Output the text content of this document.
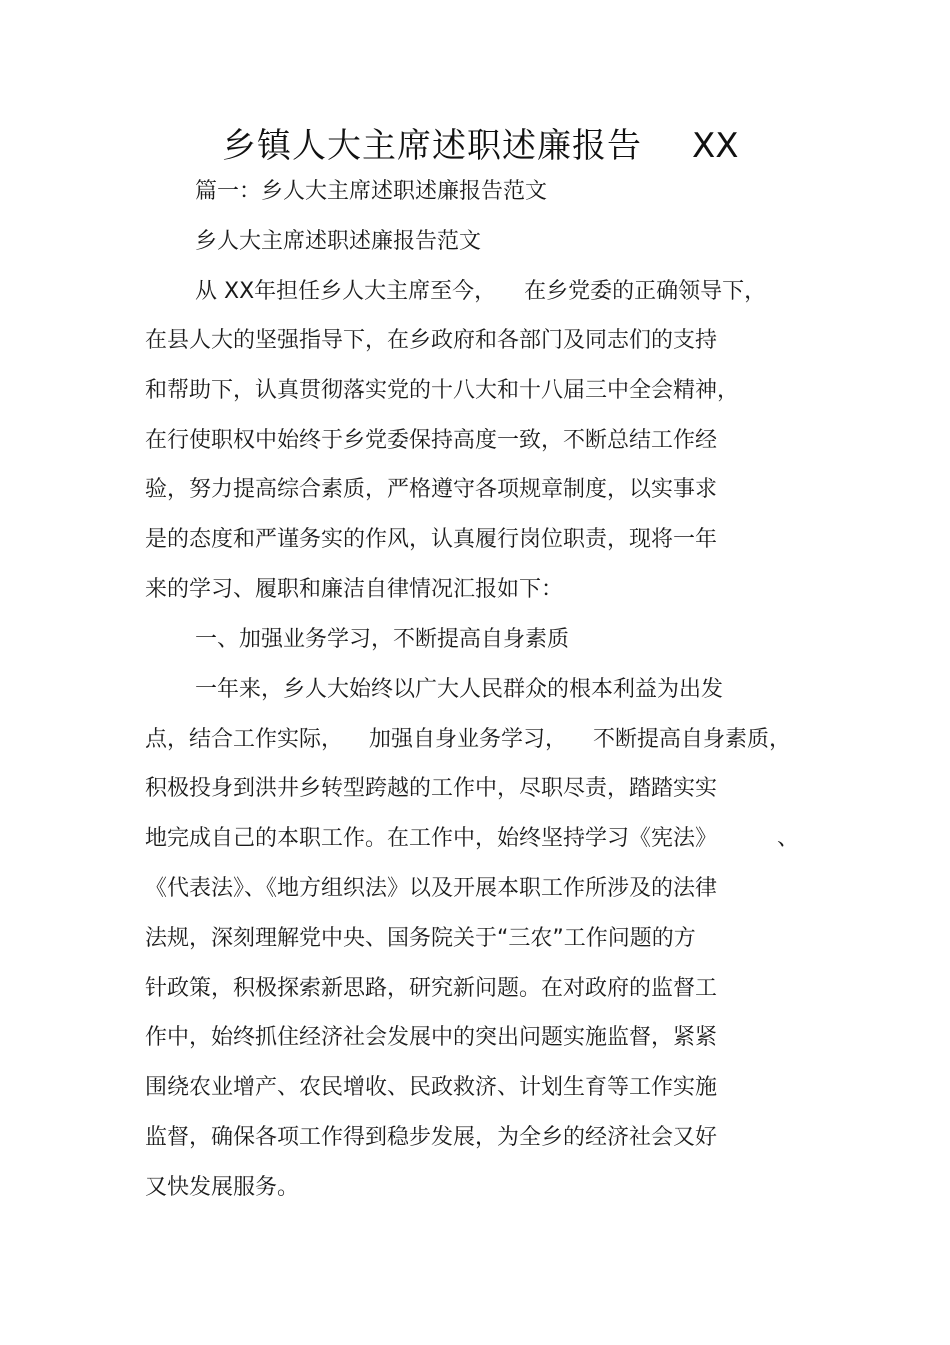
乡镇人大主席述职述廉报告 XX
篇一：乡人大主席述职述廉报告范文
乡人大主席述职述廉报告范文
从 XX年担任乡人大主席至今， 在乡党委的正确领导下，
在县人大的坚强指导下，在乡政府和各部门及同志们的支持
和帮助下，认真贯彻落实党的十八大和十八届三中全会精神，
在行使职权中始终于乡党委保持高度一致，不断总结工作经
验，努力提高综合素质，严格遵守各项规章制度，以实事求
是的态度和严谨务实的作风，认真履行岗位职责，现将一年
来的学习、履职和廉洁自律情况汇报如下：
一、加强业务学习，不断提高自身素质
一年来，乡人大始终以广大人民群众的根本利益为出发
点，结合工作实际， 加强自身业务学习， 不断提高自身素质，
积极投身到洪井乡转型跨越的工作中，尽职尽责，踏踏实实
地完成自己的本职工作。在工作中，始终坚持学习《宪法》	、
《代表法》、《地方组织法》以及开展本职工作所涉及的法律
法规，深刻理解党中央、国务院关于“三农”工作问题的方
针政策，积极探索新思路，研究新问题。在对政府的监督工
作中，始终抓住经济社会发展中的突出问题实施监督，紧紧
围绕农业增产、农民增收、民政救济、计划生育等工作实施
监督，确保各项工作得到稳步发展，为全乡的经济社会又好
又快发展服务。
